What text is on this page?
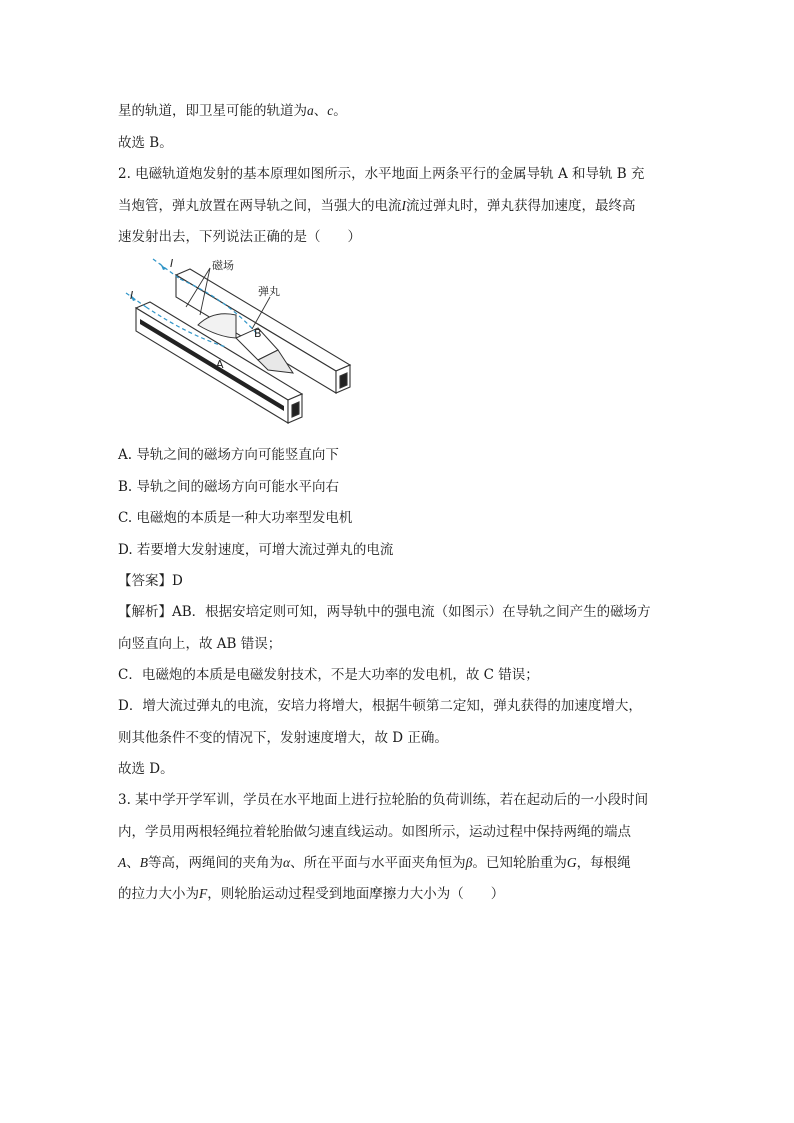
星的轨道，即卫星可能的轨道为a、c。
故选 B。
2. 电磁轨道炮发射的基本原理如图所示，水平地面上两条平行的金属导轨 A 和导轨 B 充
当炮管，弹丸放置在两导轨之间，当强大的电流I流过弹丸时，弹丸获得加速度，最终高
速发射出去，下列说法正确的是（　　）
I
I
磁场
弹丸
B
A
A. 导轨之间的磁场方向可能竖直向下
B. 导轨之间的磁场方向可能水平向右
C. 电磁炮的本质是一种大功率型发电机
D. 若要增大发射速度，可增大流过弹丸的电流
【答案】D
【解析】AB．根据安培定则可知，两导轨中的强电流（如图示）在导轨之间产生的磁场方
向竖直向上，故 AB 错误；
C．电磁炮的本质是电磁发射技术，不是大功率的发电机，故 C 错误；
D．增大流过弹丸的电流，安培力将增大，根据牛顿第二定知，弹丸获得的加速度增大，
则其他条件不变的情况下，发射速度增大，故 D 正确。
故选 D。
3. 某中学开学军训，学员在水平地面上进行拉轮胎的负荷训练，若在起动后的一小段时间
内，学员用两根轻绳拉着轮胎做匀速直线运动。如图所示，运动过程中保持两绳的端点
A、B等高，两绳间的夹角为α、所在平面与水平面夹角恒为β。已知轮胎重为G，每根绳
的拉力大小为F，则轮胎运动过程受到地面摩擦力大小为（　　）
